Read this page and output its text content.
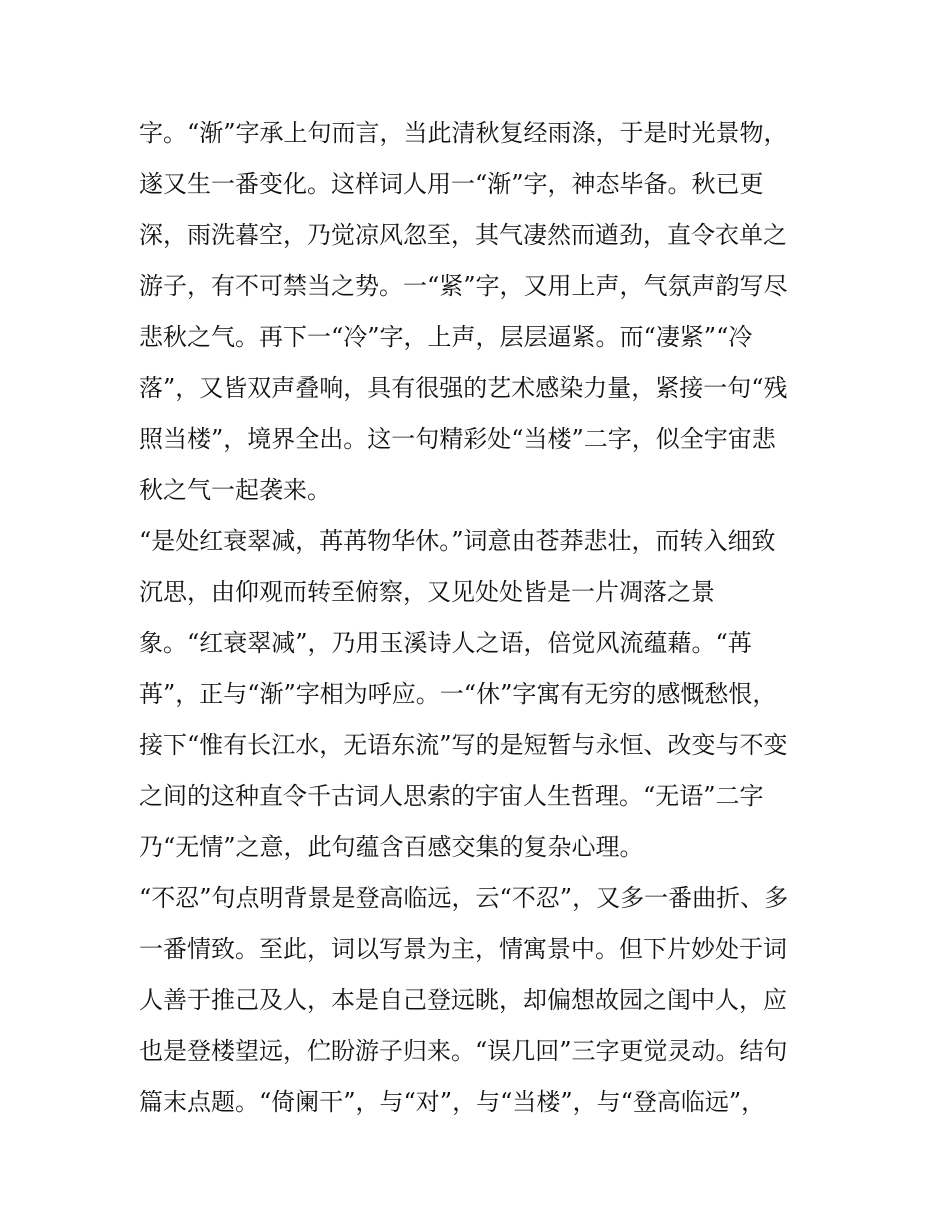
字。“渐”字承上句而言，当此清秋复经雨涤，于是时光景物，
遂又生一番变化。这样词人用一“渐”字，神态毕备。秋已更
深，雨洗暮空，乃觉凉风忽至，其气凄然而遒劲，直令衣单之
游子，有不可禁当之势。一“紧”字，又用上声，气氛声韵写尽
悲秋之气。再下一“冷”字，上声，层层逼紧。而“凄紧”“冷
落”，又皆双声叠响，具有很强的艺术感染力量，紧接一句“残
照当楼”，境界全出。这一句精彩处“当楼”二字，似全宇宙悲
秋之气一起袭来。
“是处红衰翠减，苒苒物华休。”词意由苍莽悲壮，而转入细致
沉思，由仰观而转至俯察，又见处处皆是一片凋落之景
象。“红衰翠减”，乃用玉溪诗人之语，倍觉风流蕴藉。“苒
苒”，正与“渐”字相为呼应。一“休”字寓有无穷的感慨愁恨，
接下“惟有长江水，无语东流”写的是短暂与永恒、改变与不变
之间的这种直令千古词人思索的宇宙人生哲理。“无语”二字
乃“无情”之意，此句蕴含百感交集的复杂心理。
“不忍”句点明背景是登高临远，云“不忍”，又多一番曲折、多
一番情致。至此，词以写景为主，情寓景中。但下片妙处于词
人善于推己及人，本是自己登远眺，却偏想故园之闺中人，应
也是登楼望远，伫盼游子归来。“误几回”三字更觉灵动。结句
篇末点题。“倚阑干”，与“对”，与“当楼”，与“登高临远”，
